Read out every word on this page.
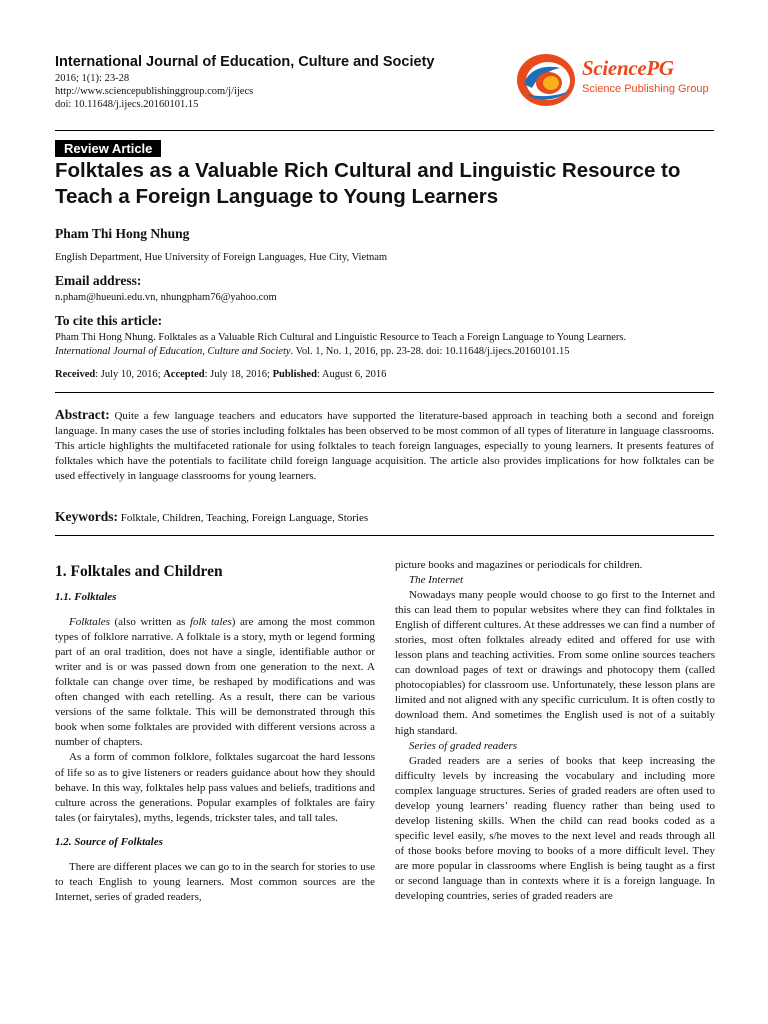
International Journal of Education, Culture and Society
2016; 1(1): 23-28
http://www.sciencepublishinggroup.com/j/ijecs
doi: 10.11648/j.ijecs.20160101.15
SciencePG
Science Publishing Group
Review Article
Folktales as a Valuable Rich Cultural and Linguistic Resource to Teach a Foreign Language to Young Learners
Pham Thi Hong Nhung
English Department, Hue University of Foreign Languages, Hue City, Vietnam
Email address:
n.pham@hueuni.edu.vn, nhungpham76@yahoo.com
To cite this article:
Pham Thi Hong Nhung. Folktales as a Valuable Rich Cultural and Linguistic Resource to Teach a Foreign Language to Young Learners.
International Journal of Education, Culture and Society. Vol. 1, No. 1, 2016, pp. 23-28. doi: 10.11648/j.ijecs.20160101.15
Received: July 10, 2016; Accepted: July 18, 2016; Published: August 6, 2016
Abstract: Quite a few language teachers and educators have supported the literature-based approach in teaching both a second and foreign language. In many cases the use of stories including folktales has been observed to be most common of all types of literature in language classrooms. This article highlights the multifaceted rationale for using folktales to teach foreign languages, especially to young learners. It presents features of folktales which have the potentials to facilitate child foreign language acquisition. The article also provides implications for how folktales can be used effectively in language classrooms for young learners.
Keywords: Folktale, Children, Teaching, Foreign Language, Stories
1. Folktales and Children
1.1. Folktales

Folktales (also written as folk tales) are among the most common types of folklore narrative. A folktale is a story, myth or legend forming part of an oral tradition, does not have a single, identifiable author or writer and is or was passed down from one generation to the next. A folktale can change over time, be reshaped by modifications and was often changed with each retelling. As a result, there can be various versions of the same folktale. This will be demonstrated through this book when some folktales are provided with different versions across a number of chapters.

As a form of common folklore, folktales sugarcoat the hard lessons of life so as to give listeners or readers guidance about how they should behave. In this way, folktales help pass values and beliefs, traditions and culture across the generations. Popular examples of folktales are fairy tales (or fairytales), myths, legends, trickster tales, and tall tales.

1.2. Source of Folktales

There are different places we can go to in the search for stories to use to teach English to young learners. Most common sources are the Internet, series of graded readers,

picture books and magazines or periodicals for children.

The Internet

Nowadays many people would choose to go first to the Internet and this can lead them to popular websites where they can find folktales in English of different cultures. At these addresses we can find a number of stories, most often folktales already edited and offered for use with lesson plans and teaching activities. From some online sources teachers can download pages of text or drawings and photocopy them (called photocopiables) for classroom use. Unfortunately, these lesson plans are limited and not aligned with any specific curriculum. It is often costly to download them. And sometimes the English used is not of a suitably high standard.

Series of graded readers

Graded readers are a series of books that keep increasing the difficulty levels by increasing the vocabulary and including more complex language structures. Series of graded readers are often used to develop young learners’ reading fluency rather than being used to develop listening skills. When the child can read books coded as a specific level easily, s/he moves to the next level and reads through all of those books before moving to books of a more difficult level. They are more popular in classrooms where English is being taught as a first or second language than in contexts where it is a foreign language. In developing countries, series of graded readers are
